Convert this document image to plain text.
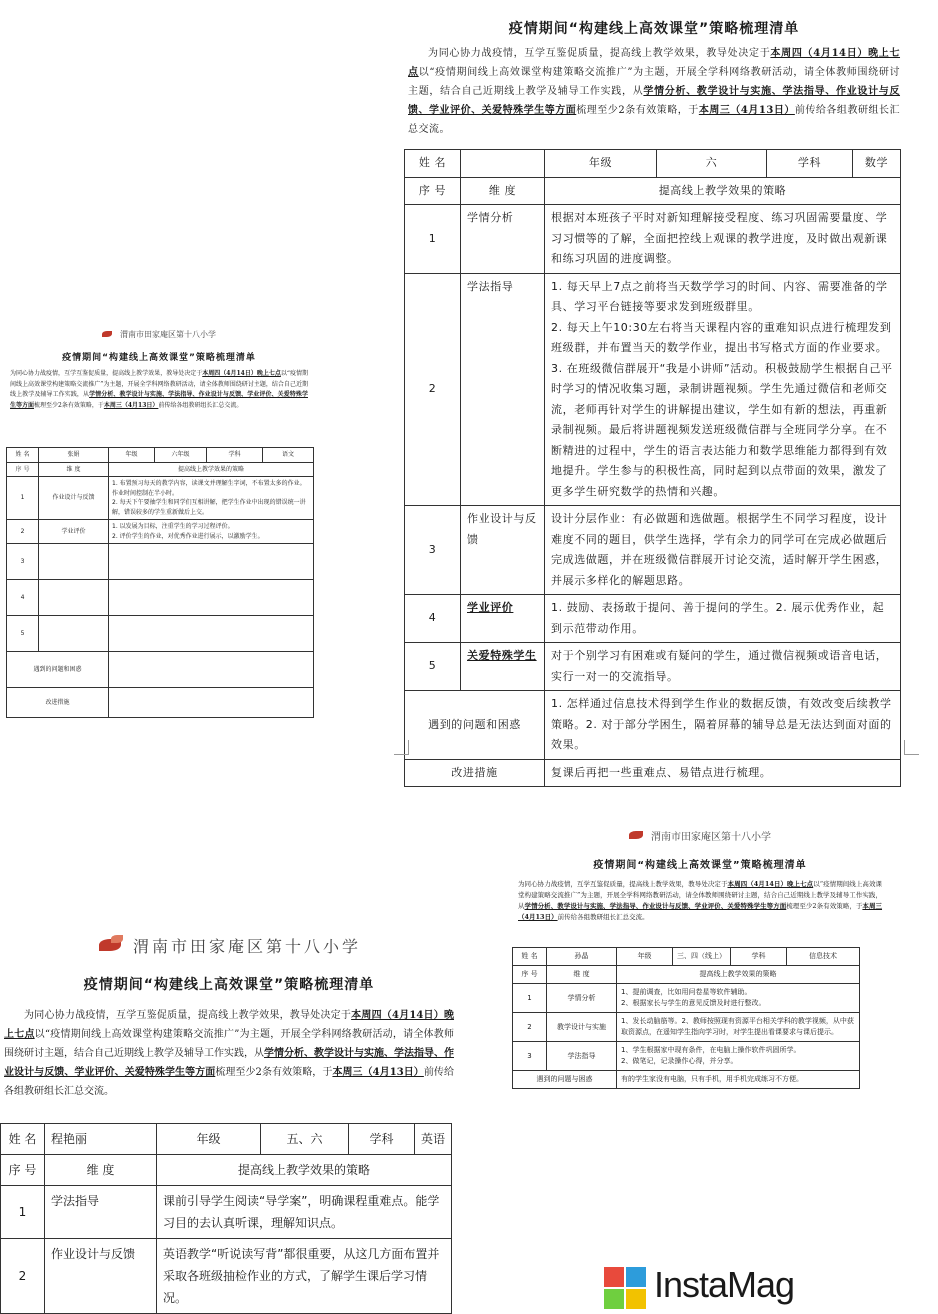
疫情期间“构建线上高效课堂”策略梳理清单
为同心协力战疫情，互学互鉴促质量，提高线上教学效果，教导处决定于本周四（4月14日）晚上七点以“疫情期间线上高效课堂构建策略交流推广”为主题，开展全学科网络教研活动，请全体教师围绕研讨主题，结合自己近期线上教学及辅导工作实践，从学情分析、教学设计与实施、学法指导、作业设计与反馈、学业评价、关爱特殊学生等方面梳理至少2条有效策略，于本周三（4月13日）前传给各组教研组长汇总交流。
姓 名		年级	六	学科	数学
序 号	维 度	提高线上教学效果的策略			
1	学情分析	根据对本班孩子平时对新知理解接受程度、练习巩固需要量度、学习习惯等的了解，全面把控线上观课的教学进度，及时做出观新课和练习巩固的进度调整。			
2	学法指导	1. 每天早上7点之前将当天数学学习的时间、内容、需要准备的学具、学习平台链接等要求发到班级群里。
2. 每天上午10:30左右将当天课程内容的重难知识点进行梳理发到班级群，并布置当天的数学作业，提出书写格式方面的作业要求。
3. 在班级微信群展开“我是小讲师”活动。积极鼓励学生根据自己平时学习的情况收集习题，录制讲题视频。学生先通过微信和老师交流，老师再针对学生的讲解提出建议，学生如有新的想法，再重新录制视频。最后将讲题视频发送班级微信群与全班同学分享。在不断精进的过程中，学生的语言表达能力和数学思维能力都得到有效地提升。学生参与的积极性高，同时起到以点带面的效果，激发了更多学生研究数学的热情和兴趣。			
3	作业设计与反馈	设计分层作业：有必做题和选做题。根据学生不同学习程度，设计难度不同的题目，供学生选择，学有余力的同学可在完成必做题后完成选做题，并在班级微信群展开讨论交流，适时解开学生困惑，并展示多样化的解题思路。			
4	学业评价	1. 鼓励、表扬敢于提问、善于提问的学生。2. 展示优秀作业，起到示范带动作用。			
5	关爱特殊学生	对于个别学习有困难或有疑问的学生，通过微信视频或语音电话，实行一对一的交流指导。			
遇到的问题和困惑		1. 怎样通过信息技术得到学生作业的数据反馈，有效改变后续教学策略。2. 对于部分学困生，隔着屏幕的辅导总是无法达到面对面的效果。			
改进措施		复课后再把一些重难点、易错点进行梳理。			
渭南市田家庵区第十八小学
疫情期间“构建线上高效课堂”策略梳理清单
为同心协力战疫情，互学互鉴促质量，提高线上教学效果，教导处决定于本周四（4月14日）晚上七点以“疫情期间线上高效课堂构建策略交流推广”为主题，开展全学科网络教研活动，请全体教师围绕研讨主题，结合自己近期线上教学及辅导工作实践，从学情分析、教学设计与实施、学法指导、作业设计与反馈、学业评价、关爱特殊学生等方面梳理至少2条有效策略，于本周三（4月13日）前传给各组教研组长汇总交流。
姓 名	张娟	年级	六年级	学科	语文
序 号	维 度	提高线上教学效果的策略			
1	作业设计与反馈	1. 布置预习每天的教学内容，读课文并理解生字词，不布置太多的作业。作业时间控制在半小时。
2. 每天下午要抽学生和同学们互相讲解，把学生作业中出现的错误统一讲解，错误较多的学生重新做后上交。			
2	学业评价	1. 以发展为目标，注重学生的学习过程评价。
2. 评价学生的作业，对优秀作业进行展示，以激励学生。			
3					
4					
5					
遇到的问题和困惑					
改进措施					
渭南市田家庵区第十八小学
疫情期间“构建线上高效课堂”策略梳理清单
为同心协力战疫情，互学互鉴促质量，提高线上教学效果，教导处决定于本周四（4月14日）晚上七点以“疫情期间线上高效课堂构建策略交流推广”为主题，开展全学科网络教研活动，请全体教师围绕研讨主题，结合自己近期线上教学及辅导工作实践，从学情分析、教学设计与实施、学法指导、作业设计与反馈、学业评价、关爱特殊学生等方面梳理至少2条有效策略，于本周三（4月13日）前传给各组教研组长汇总交流。
姓 名	程艳丽	年级	五、六	学科	英语
序 号	维 度	提高线上教学效果的策略			
1	学法指导	课前引导学生阅读“导学案”，明确课程重难点。能学习目的去认真听课，理解知识点。			
2	作业设计与反馈	英语教学“听说读写背”都很重要，从这几方面布置并采取各班级抽检作业的方式，了解学生课后学习情况。			
渭南市田家庵区第十八小学
疫情期间“构建线上高效课堂”策略梳理清单
为同心协力战疫情，互学互鉴促质量，提高线上教学效果，教导处决定于本周四（4月14日）晚上七点以“疫情期间线上高效课堂构建策略交流推广”为主题，开展全学科网络教研活动，请全体教师围绕研讨主题，结合自己近期线上教学及辅导工作实践，从学情分析、教学设计与实施、学法指导、作业设计与反馈、学业评价、关爱特殊学生等方面梳理至少2条有效策略，于本周三（4月13日）前传给各组教研组长汇总交流。
姓 名	孙晶	年级	三、四（线上）	学科	信息技术
序 号	维 度	提高线上教学效果的策略			
1	学情分析	1、提前调查，比如用问卷星等软件辅助。
2、根据家长与学生的意见反馈及时进行整改。			
2	教学设计与实施	1、发长动脑筋等。2、教师按照现有资源平台相关学科的教学视频，从中获取资源点，在遥知学生指向学习时，对学生提出看课要求与课后提示。			
3	学法指导	1、学生根据家中现有条件，在电脑上操作软件巩固所学。
2、做笔记，记录操作心得，并分享。			
遇到的问题与困惑		有的学生家没有电脑，只有手机，用手机完成练习不方便。			
InstaMag
